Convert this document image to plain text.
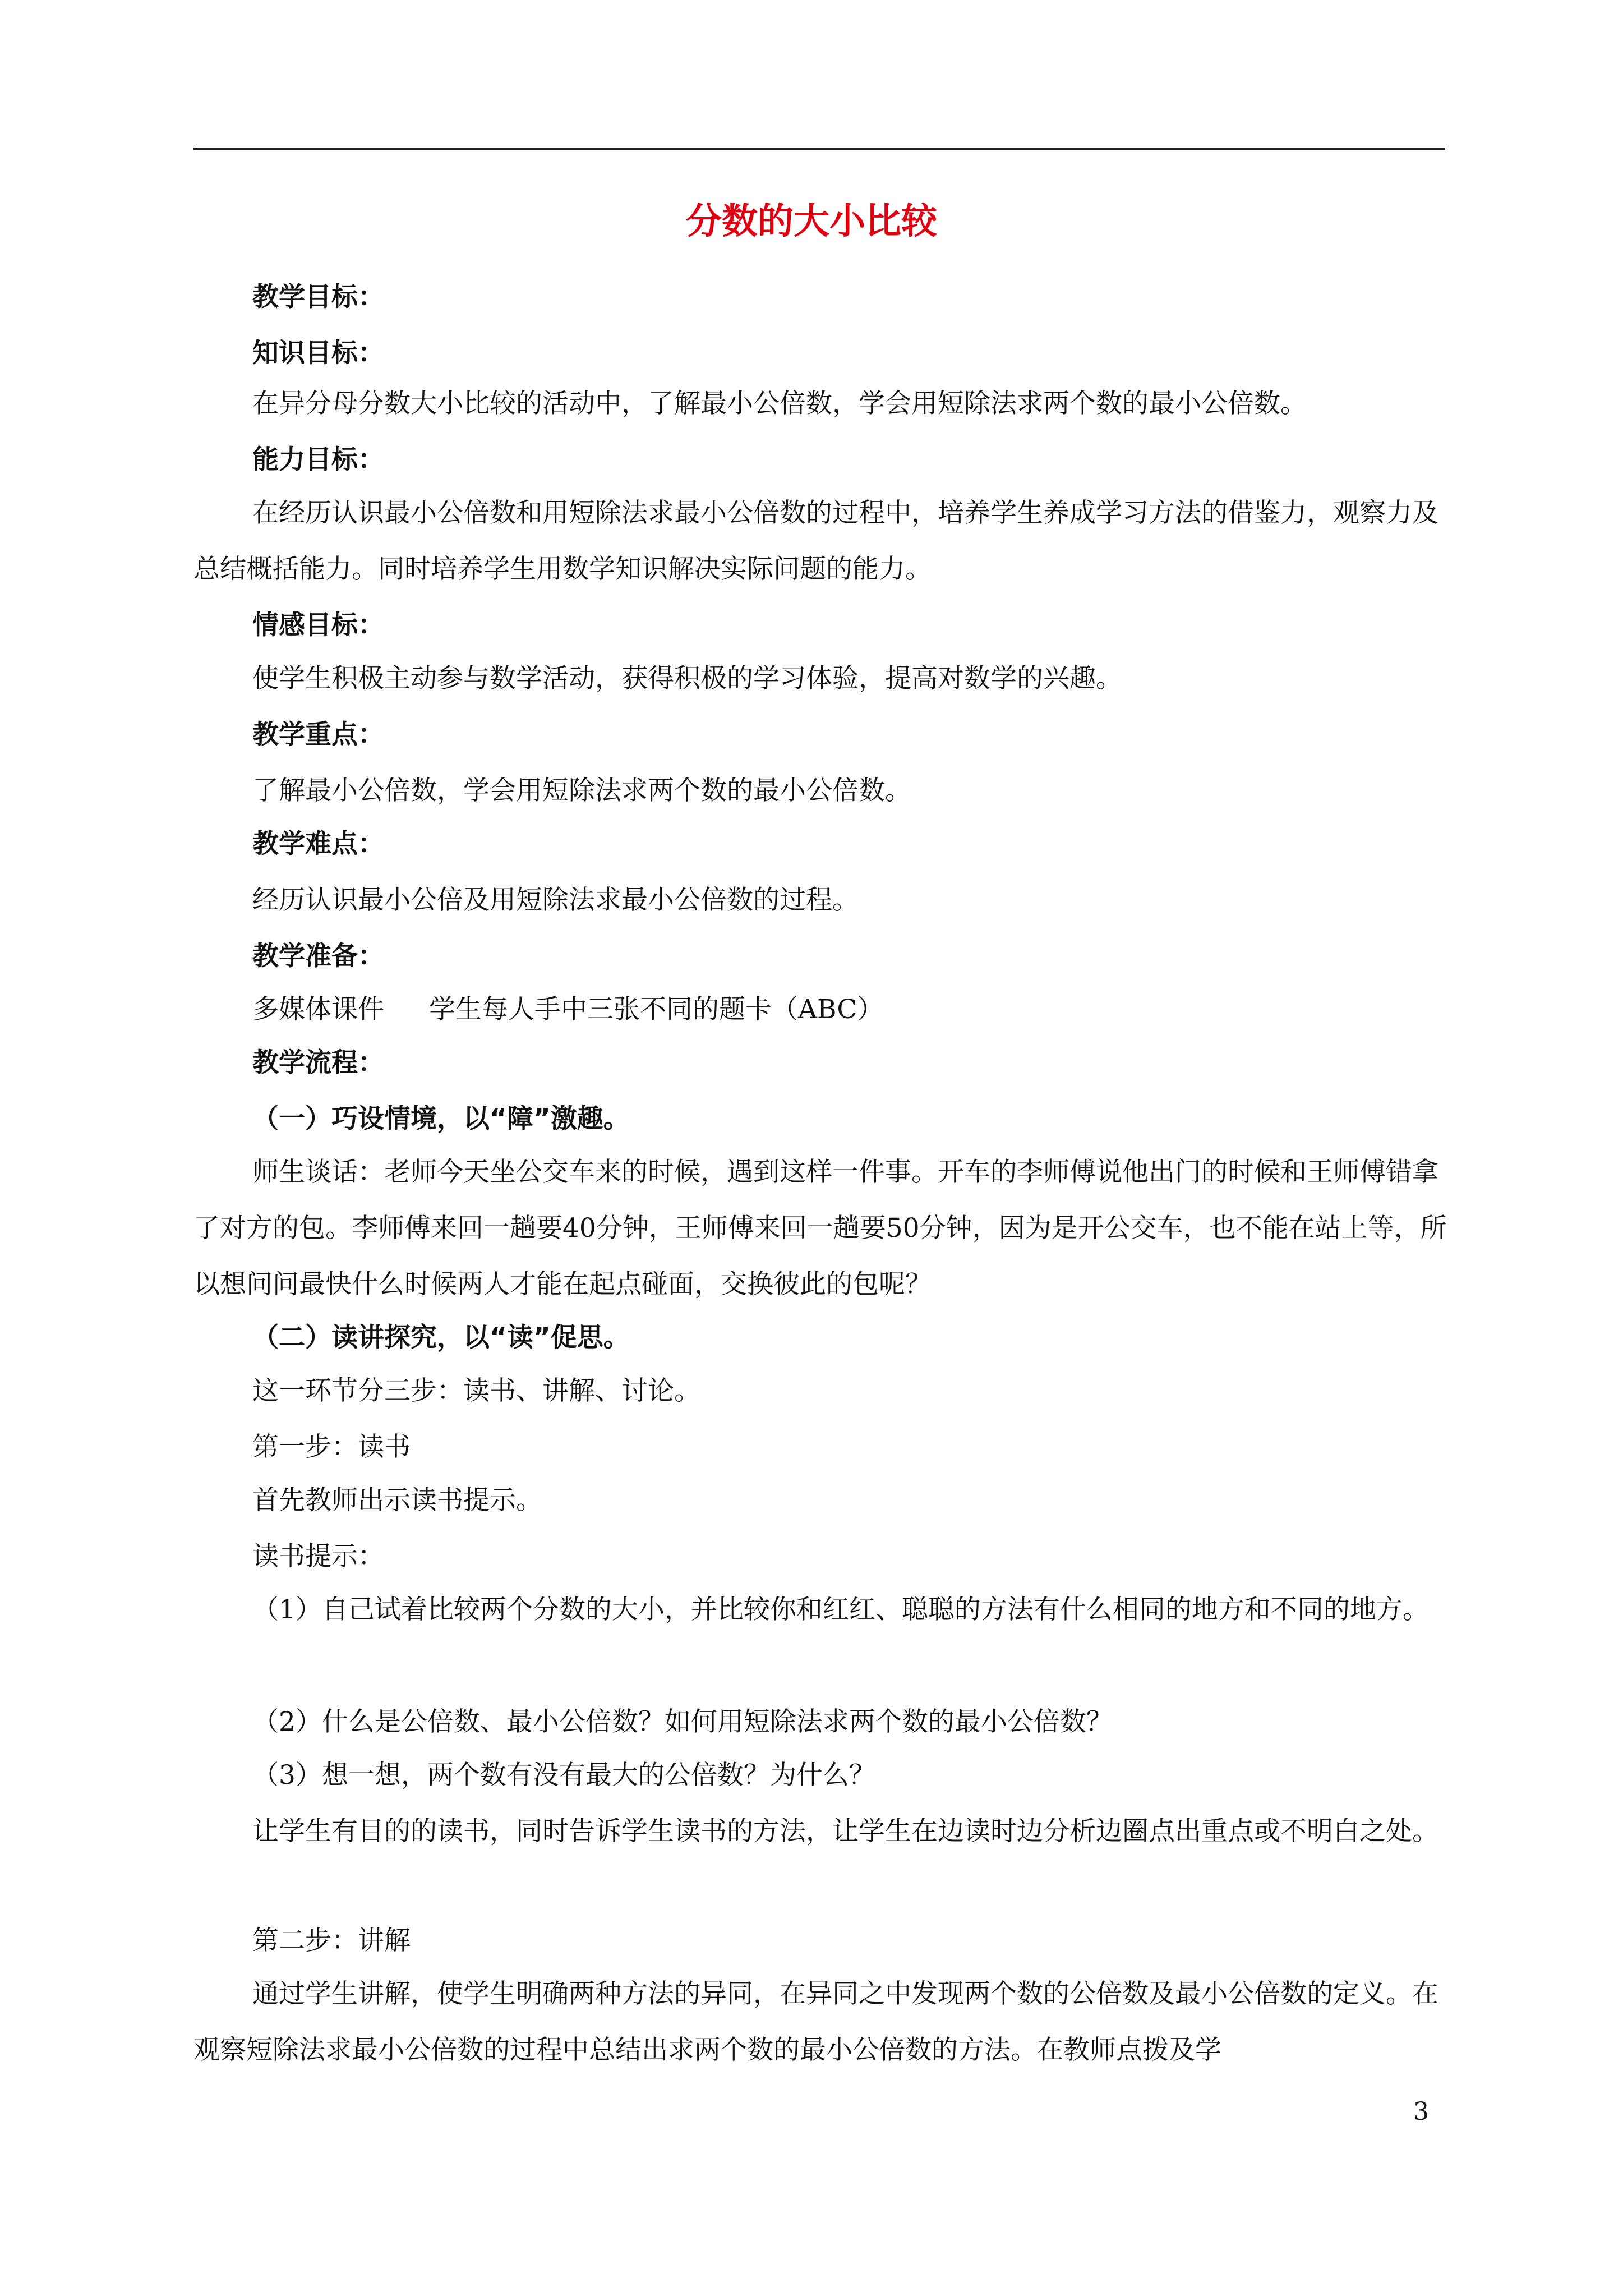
分数的大小比较

教学目标：

知识目标：

在异分母分数大小比较的活动中，了解最小公倍数，学会用短除法求两个数的最小公倍数。

能力目标：

在经历认识最小公倍数和用短除法求最小公倍数的过程中，培养学生养成学习方法的借鉴力，观察力及总结概括能力。同时培养学生用数学知识解决实际问题的能力。

情感目标：

使学生积极主动参与数学活动，获得积极的学习体验，提高对数学的兴趣。

教学重点：

了解最小公倍数，学会用短除法求两个数的最小公倍数。

教学难点：

经历认识最小公倍及用短除法求最小公倍数的过程。

教学准备：

多媒体课件 学生每人手中三张不同的题卡（ABC）

教学流程：

（一）巧设情境，以“障”激趣。

师生谈话：老师今天坐公交车来的时候，遇到这样一件事。开车的李师傅说他出门的时候和王师傅错拿了对方的包。李师傅来回一趟要40分钟，王师傅来回一趟要50分钟，因为是开公交车，也不能在站上等，所以想问问最快什么时候两人才能在起点碰面，交换彼此的包呢？

（二）读讲探究，以“读”促思。

这一环节分三步：读书、讲解、讨论。

第一步：读书

首先教师出示读书提示。

读书提示：

（1）自己试着比较两个分数的大小，并比较你和红红、聪聪的方法有什么相同的地方和不同的地方。

（2）什么是公倍数、最小公倍数？如何用短除法求两个数的最小公倍数？

（3）想一想，两个数有没有最大的公倍数？为什么？

让学生有目的的读书，同时告诉学生读书的方法，让学生在边读时边分析边圈点出重点或不明白之处。

第二步：讲解

通过学生讲解，使学生明确两种方法的异同，在异同之中发现两个数的公倍数及最小公倍数的定义。在观察短除法求最小公倍数的过程中总结出求两个数的最小公倍数的方法。在教师点拨及学

3
